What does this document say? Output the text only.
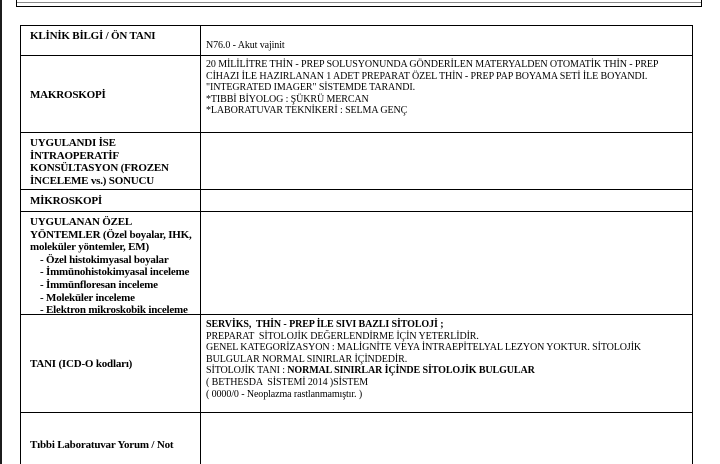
KLİNİK BİLGİ / ÖN TANI

N76.0 - Akut vajinit

MAKROSKOPİ

20 MİLİLİTRE THİN - PREP SOLUSYONUNDA GÖNDERİLEN MATERYALDEN OTOMATİK THİN - PREP CİHAZI İLE HAZIRLANAN 1 ADET PREPARAT ÖZEL THİN - PREP PAP BOYAMA SETİ İLE BOYANDI. "INTEGRATED IMAGER" SİSTEMDE TARANDI.

*TIBBİ BİYOLOG : ŞÜKRÜ MERCAN

*LABORATUVAR TEKNİKERİ : SELMA GENÇ

UYGULANDI İSE
İNTRAOPERATİF
KONSÜLTASYON (FROZEN
İNCELEME vs.) SONUCU

MİKROSKOPİ

UYGULANAN ÖZEL
YÖNTEMLER (Özel boyalar, IHK,
moleküler yöntemler, EM)
- Özel histokimyasal boyalar
- İmmünohistokimyasal inceleme
- İmmünfloresan inceleme
- Moleküler inceleme
- Elektron mikroskobik inceleme

TANI (ICD-O kodları)

SERVİKS,  THİN - PREP İLE SIVI BAZLI SİTOLOJİ ;

PREPARAT  SİTOLOJİK DEĞERLENDİRME İÇİN YETERLİDİR.

GENEL KATEGORİZASYON : MALİGNİTE VEYA İNTRAEPİTELYAL LEZYON YOKTUR. SİTOLOJİK BULGULAR NORMAL SINIRLAR İÇİNDEDİR.

SİTOLOJİK TANI : NORMAL SINIRLAR İÇİNDE SİTOLOJİK BULGULAR

( BETHESDA  SİSTEMİ 2014 )SİSTEM

( 0000/0 - Neoplazma rastlanmamıştır. )

Tıbbi Laboratuvar Yorum / Not
